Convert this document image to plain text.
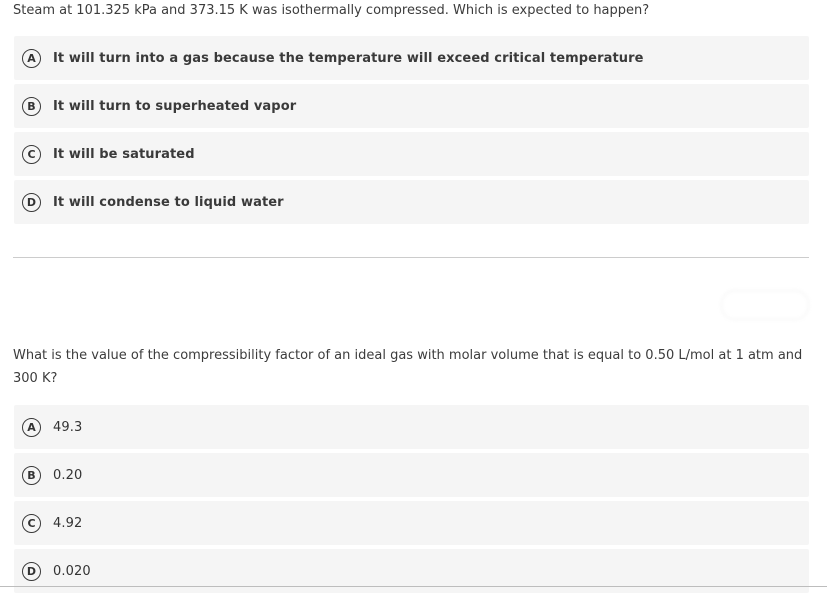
Steam at 101.325 kPa and 373.15 K was isothermally compressed. Which is expected to happen?

A	It will turn into a gas because the temperature will exceed critical temperature
B	It will turn to superheated vapor
C	It will be saturated
D	It will condense to liquid water

What is the value of the compressibility factor of an ideal gas with molar volume that is equal to 0.50 L/mol at 1 atm and 300 K?

A	49.3
B	0.20
C	4.92
D	0.020
